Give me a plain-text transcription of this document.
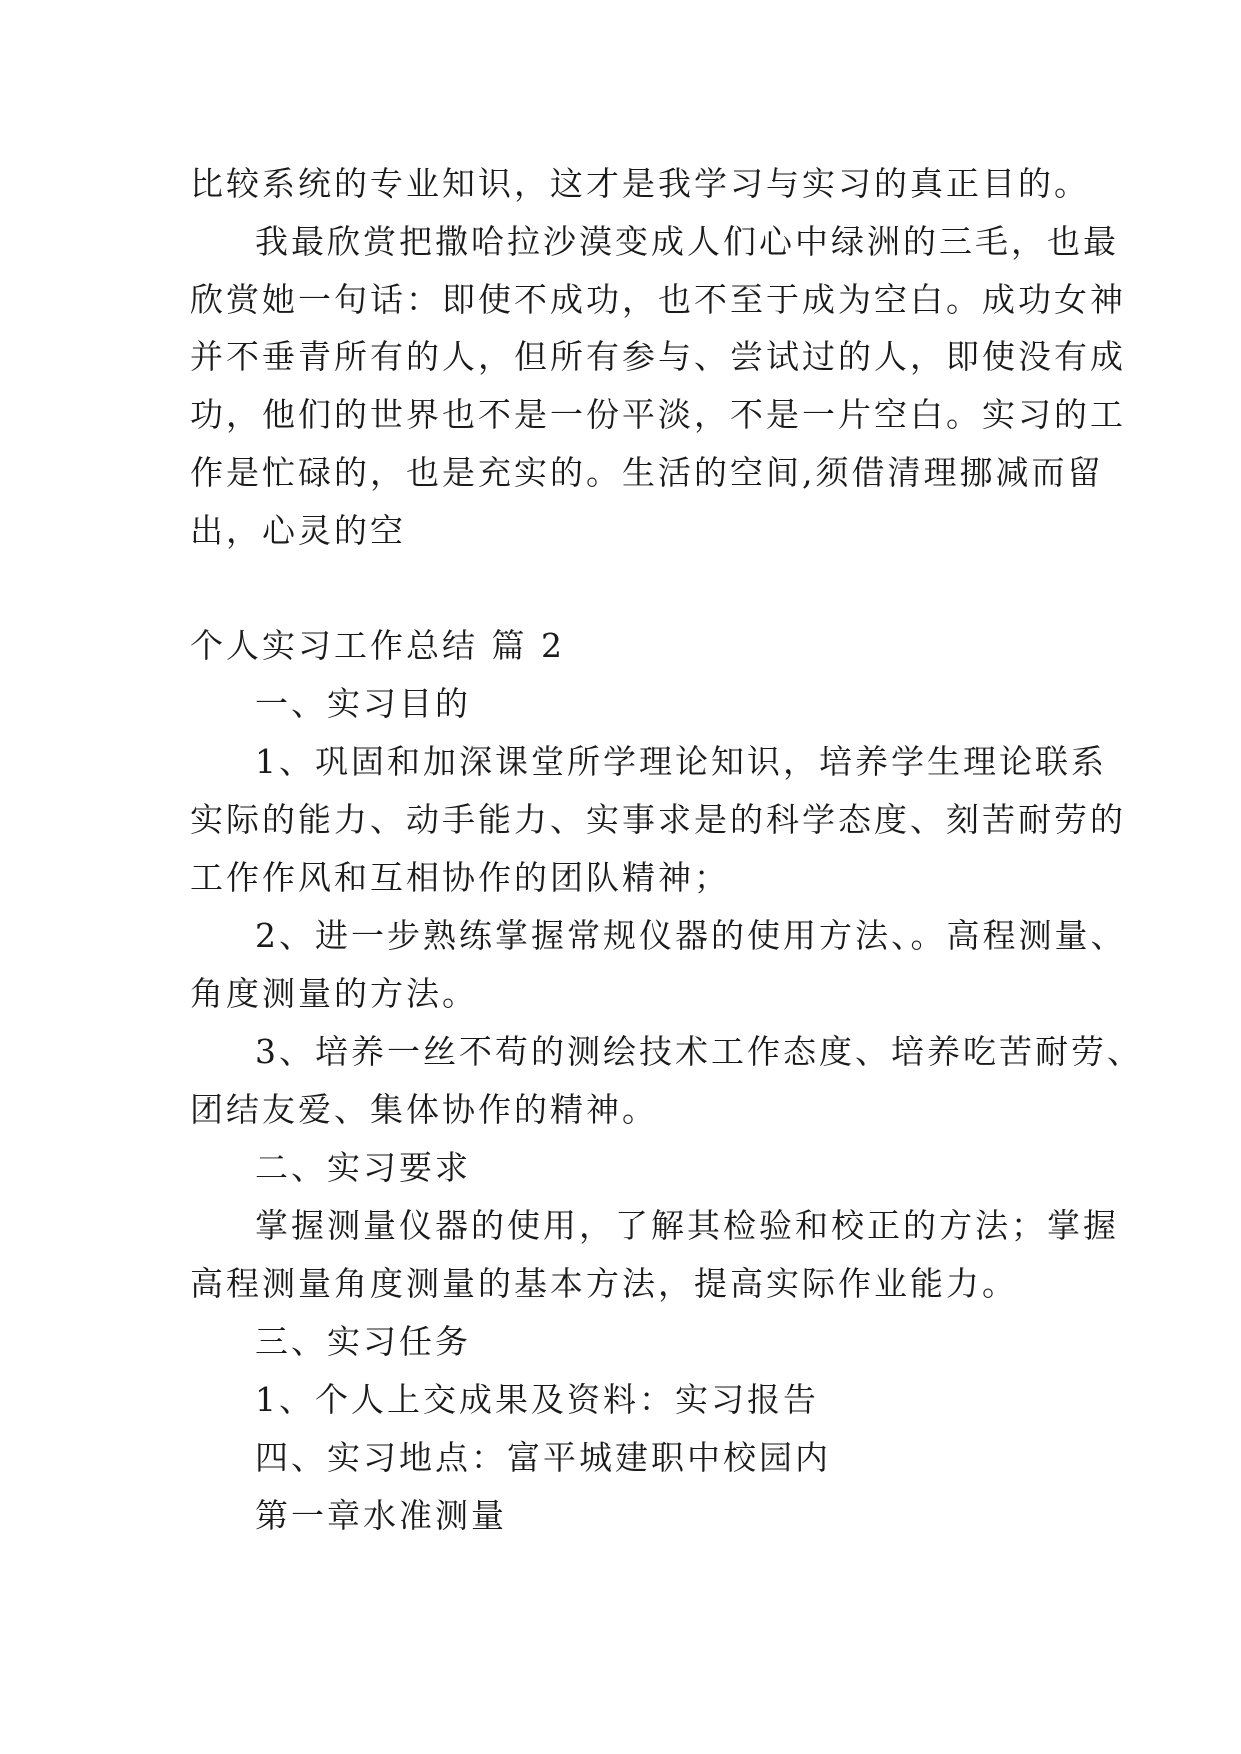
比较系统的专业知识，这才是我学习与实习的真正目的。
我最欣赏把撒哈拉沙漠变成人们心中绿洲的三毛，也最
欣赏她一句话：即使不成功，也不至于成为空白。成功女神
并不垂青所有的人，但所有参与、尝试过的人，即使没有成
功，他们的世界也不是一份平淡，不是一片空白。实习的工
作是忙碌的，也是充实的。生活的空间,须借清理挪减而留
出，心灵的空
个人实习工作总结 篇 2
一、实习目的
1、巩固和加深课堂所学理论知识，培养学生理论联系
实际的能力、动手能力、实事求是的科学态度、刻苦耐劳的
工作作风和互相协作的团队精神；
2、进一步熟练掌握常规仪器的使用方法、。高程测量、
角度测量的方法。
3、培养一丝不苟的测绘技术工作态度、培养吃苦耐劳、
团结友爱、集体协作的精神。
二、实习要求
掌握测量仪器的使用，了解其检验和校正的方法；掌握
高程测量角度测量的基本方法，提高实际作业能力。
三、实习任务
1、个人上交成果及资料：实习报告
四、实习地点：富平城建职中校园内
第一章水准测量
